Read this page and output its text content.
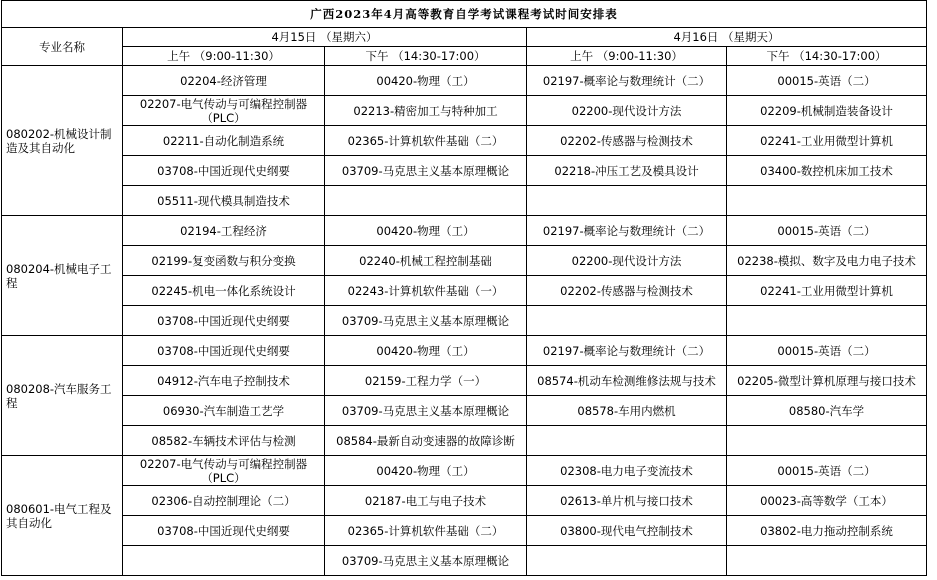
广西2023年4月高等教育自学考试课程考试时间安排表				
专业名称	4月15日 （星期六）		4月16日 （星期天）	
	上午 （9:00-11:30）	下午 （14:30-17:00）	上午 （9:00-11:30）	下午 （14:30-17:00）
080202-机械设计制造及其自动化	02204-经济管理	00420-物理（工）	02197-概率论与数理统计（二）	00015-英语（二）
	02207-电气传动与可编程控制器（PLC）	02213-精密加工与特种加工	02200-现代设计方法	02209-机械制造装备设计
	02211-自动化制造系统	02365-计算机软件基础（二）	02202-传感器与检测技术	02241-工业用微型计算机
	03708-中国近现代史纲要	03709-马克思主义基本原理概论	02218-冲压工艺及模具设计	03400-数控机床加工技术
	05511-现代模具制造技术			
080204-机械电子工程	02194-工程经济	00420-物理（工）	02197-概率论与数理统计（二）	00015-英语（二）
	02199-复变函数与积分变换	02240-机械工程控制基础	02200-现代设计方法	02238-模拟、数字及电力电子技术
	02245-机电一体化系统设计	02243-计算机软件基础（一）	02202-传感器与检测技术	02241-工业用微型计算机
	03708-中国近现代史纲要	03709-马克思主义基本原理概论		
080208-汽车服务工程	03708-中国近现代史纲要	00420-物理（工）	02197-概率论与数理统计（二）	00015-英语（二）
	04912-汽车电子控制技术	02159-工程力学（一）	08574-机动车检测维修法规与技术	02205-微型计算机原理与接口技术
	06930-汽车制造工艺学	03709-马克思主义基本原理概论	08578-车用内燃机	08580-汽车学
	08582-车辆技术评估与检测	08584-最新自动变速器的故障诊断		
080601-电气工程及其自动化	02207-电气传动与可编程控制器（PLC）	00420-物理（工）	02308-电力电子变流技术	00015-英语（二）
	02306-自动控制理论（二）	02187-电工与电子技术	02613-单片机与接口技术	00023-高等数学（工本）
	03708-中国近现代史纲要	02365-计算机软件基础（二）	03800-现代电气控制技术	03802-电力拖动控制系统
		03709-马克思主义基本原理概论		
